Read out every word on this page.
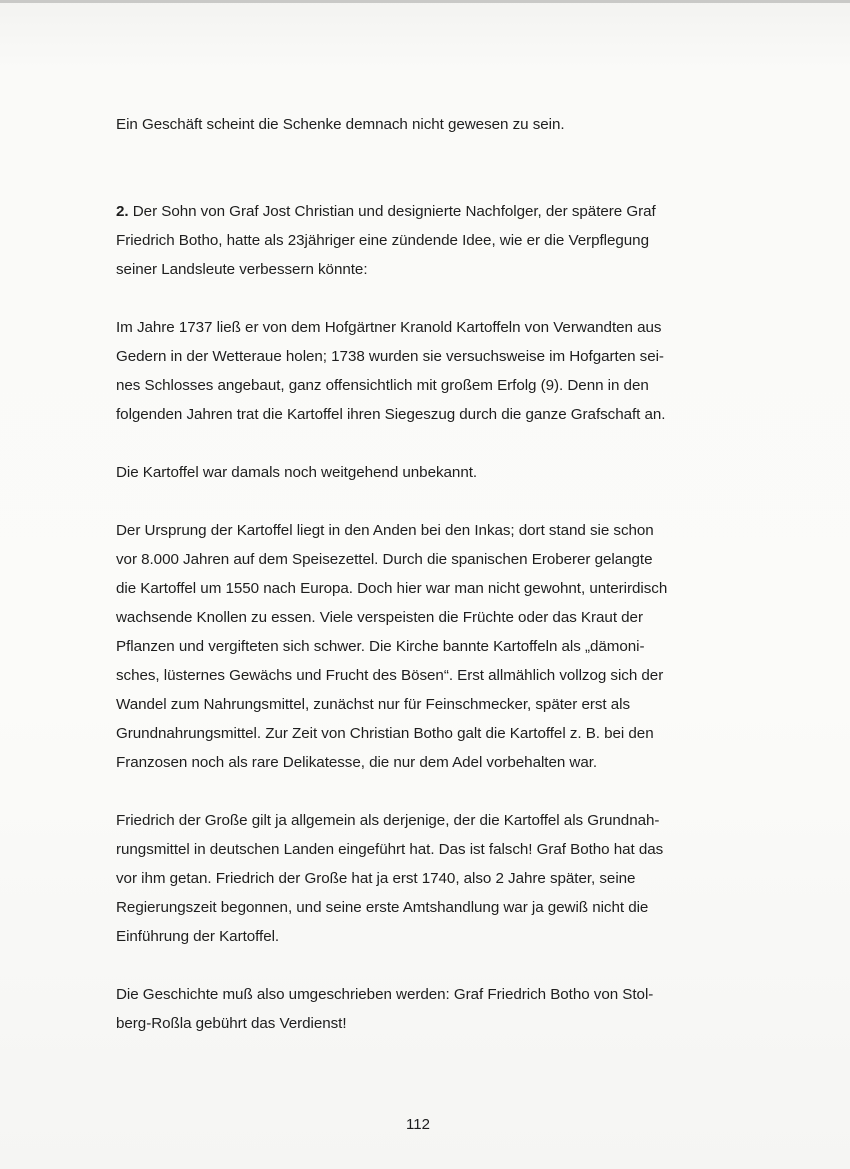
Ein Geschäft scheint die Schenke demnach nicht gewesen zu sein.

2. Der Sohn von Graf Jost Christian und designierte Nachfolger, der spätere Graf
Friedrich Botho, hatte als 23jähriger eine zündende Idee, wie er die Verpflegung
seiner Landsleute verbessern könnte:

Im Jahre 1737 ließ er von dem Hofgärtner Kranold Kartoffeln von Verwandten aus
Gedern in der Wetteraue holen; 1738 wurden sie versuchsweise im Hofgarten sei-
nes Schlosses angebaut, ganz offensichtlich mit großem Erfolg (9). Denn in den
folgenden Jahren trat die Kartoffel ihren Siegeszug durch die ganze Grafschaft an.

Die Kartoffel war damals noch weitgehend unbekannt.

Der Ursprung der Kartoffel liegt in den Anden bei den Inkas; dort stand sie schon
vor 8.000 Jahren auf dem Speisezettel. Durch die spanischen Eroberer gelangte
die Kartoffel um 1550 nach Europa. Doch hier war man nicht gewohnt, unterirdisch
wachsende Knollen zu essen. Viele verspeisten die Früchte oder das Kraut der
Pflanzen und vergifteten sich schwer. Die Kirche bannte Kartoffeln als „dämoni-
sches, lüsternes Gewächs und Frucht des Bösen“. Erst allmählich vollzog sich der
Wandel zum Nahrungsmittel, zunächst nur für Feinschmecker, später erst als
Grundnahrungsmittel. Zur Zeit von Christian Botho galt die Kartoffel z. B. bei den
Franzosen noch als rare Delikatesse, die nur dem Adel vorbehalten war.

Friedrich der Große gilt ja allgemein als derjenige, der die Kartoffel als Grundnah-
rungsmittel in deutschen Landen eingeführt hat. Das ist falsch! Graf Botho hat das
vor ihm getan. Friedrich der Große hat ja erst 1740, also 2 Jahre später, seine
Regierungszeit begonnen, und seine erste Amtshandlung war ja gewiß nicht die
Einführung der Kartoffel.

Die Geschichte muß also umgeschrieben werden: Graf Friedrich Botho von Stol-
berg-Roßla gebührt das Verdienst!

112
